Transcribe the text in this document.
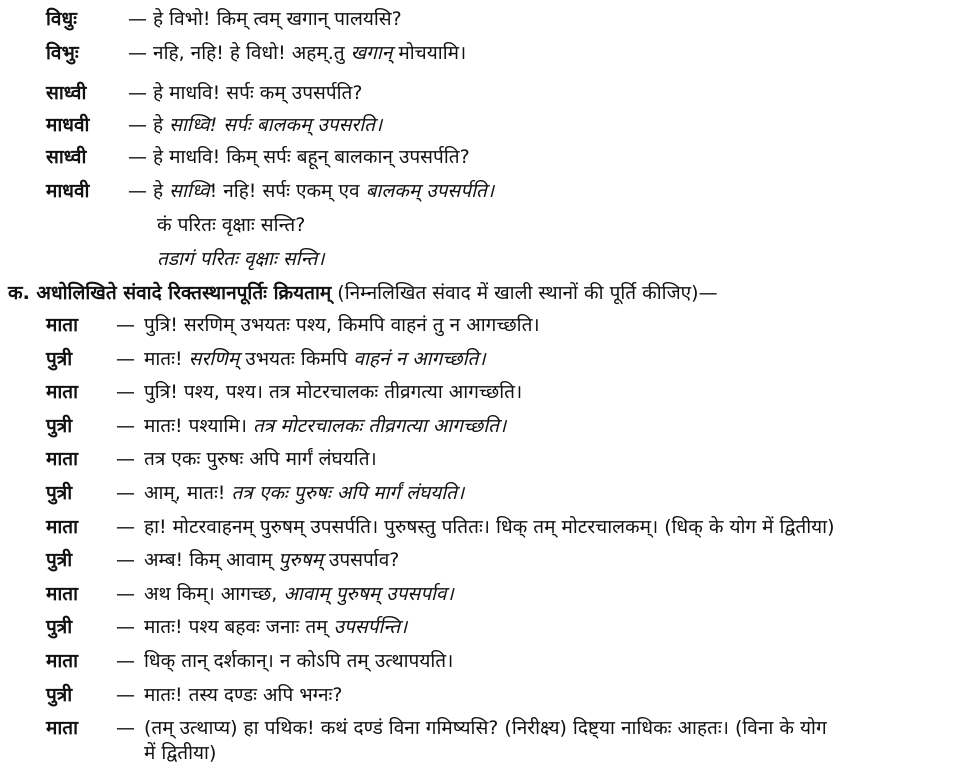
विधुः	— हे विभो! किम् त्वम् खगान् पालयसि?
विभुः	— नहि, नहि! हे विधो! अहम्.तु खगान् मोचयामि।
साध्वी — हे माधवि! सर्पः कम् उपसर्पति?
माधवी — हे साध्वि! सर्पः बालकम् उपसरति।
साध्वी — हे माधवि! किम् सर्पः बहून् बालकान् उपसर्पति?
माधवी — हे साध्वि! नहि! सर्पः एकम् एव बालकम् उपसर्पति।
कं परितः वृक्षाः सन्ति?
तडागं परितः वृक्षाः सन्ति।
क. अधोलिखिते संवादे रिक्तस्थानपूर्तिः क्रियताम् (निम्नलिखित संवाद में खाली स्थानों की पूर्ति कीजिए)—
माता — पुत्रि! सरणिम् उभयतः पश्य, किमपि वाहनं तु न आगच्छति।
पुत्री — मातः! सरणिम् उभयतः किमपि वाहनं न आगच्छति।
माता — पुत्रि! पश्य, पश्य। तत्र मोटरचालकः तीव्रगत्या आगच्छति।
पुत्री — मातः! पश्यामि। तत्र मोटरचालकः तीव्रगत्या आगच्छति।
माता — तत्र एकः पुरुषः अपि मार्गं लंघयति।
पुत्री — आम्, मातः! तत्र एकः पुरुषः अपि मार्गं लंघयति।
माता — हा! मोटरवाहनम् पुरुषम् उपसर्पति। पुरुषस्तु पतितः। धिक् तम् मोटरचालकम्। (धिक् के योग में द्वितीया)
पुत्री — अम्ब! किम् आवाम् पुरुषम् उपसर्पाव?
माता — अथ किम्। आगच्छ, आवाम् पुरुषम् उपसर्पाव।
पुत्री — मातः! पश्य बहवः जनाः तम् उपसर्पन्ति।
माता — धिक् तान् दर्शकान्। न कोऽपि तम् उत्थापयति।
पुत्री — मातः! तस्य दण्डः अपि भग्नः?
माता — (तम् उत्थाप्य) हा पथिक! कथं दण्डं विना गमिष्यसि? (निरीक्ष्य) दिष्ट्या नाधिकः आहतः। (विना के योग
में द्वितीया)
